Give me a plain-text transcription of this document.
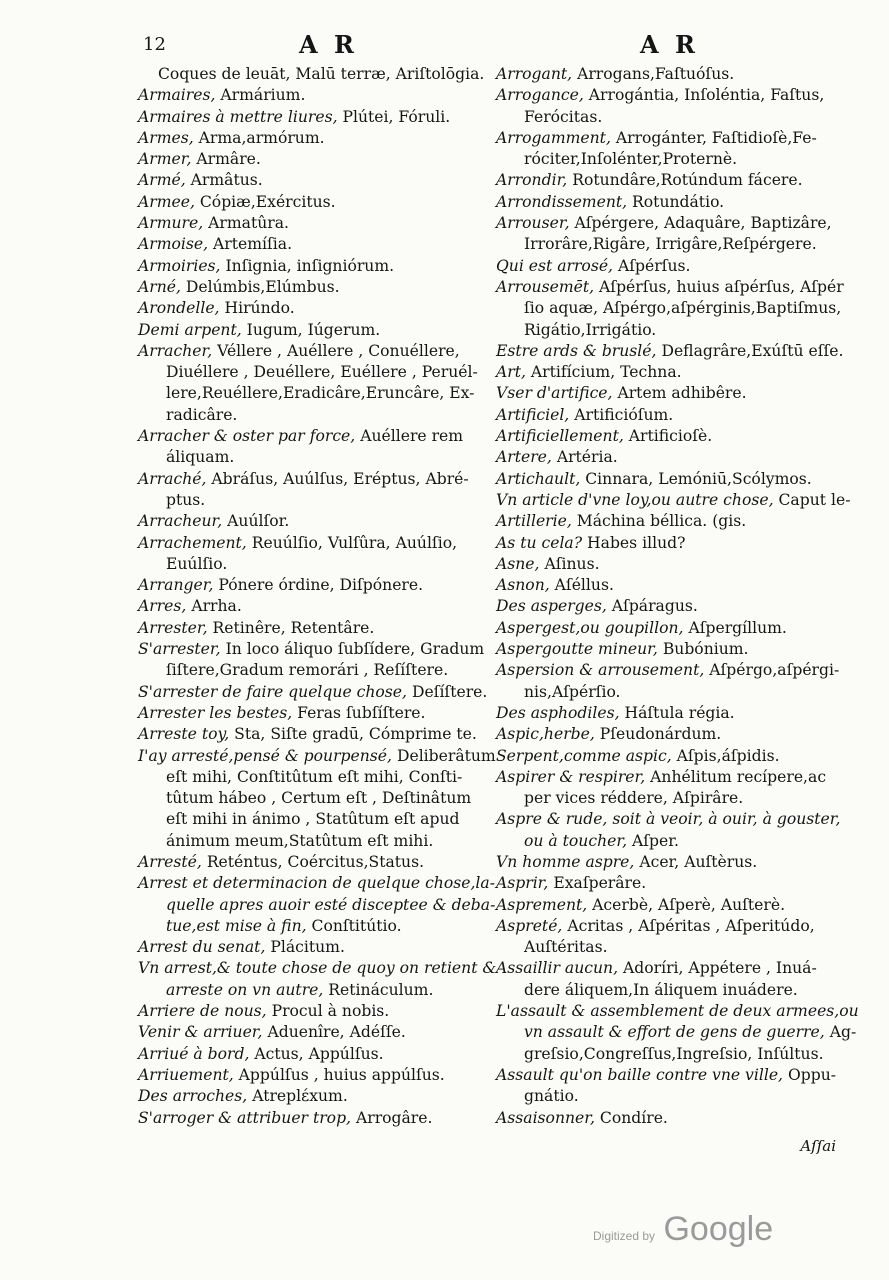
12	A R	A R
Coques de leuāt, Malū terræ, Ariſtolōgia.
Armaires, Armárium.
Armaires à mettre liures, Plútei, Fóruli.
Armes, Arma,armórum.
Armer, Armâre.
Armé, Armâtus.
Armee, Cópiæ,Exércitus.
Armure, Armatûra.
Armoise, Artemíſia.
Armoiries, Inſignia, inſigniórum.
Arné, Delúmbis,Elúmbus.
Arondelle, Hirúndo.
Demi arpent, Iugum, Iúgerum.
Arracher, Véllere , Auéllere , Conuéllere,
Diuéllere , Deuéllere, Euéllere , Peruél-
lere,Reuéllere,Eradicâre,Eruncâre, Ex-
radicâre.
Arracher & oster par force, Auéllere rem
áliquam.
Arraché, Abráſus, Auúlſus, Eréptus, Abré-
ptus.
Arracheur, Auúlſor.
Arrachement, Reuúlſio, Vulſûra, Auúlſio,
Euúlſio.
Arranger, Pónere órdine, Diſpónere.
Arres, Arrha.
Arrester, Retinêre, Retentâre.
S'arrester, In loco áliquo ſubſídere, Gradum
ſiſtere,Gradum remorári , Reſíſtere.
S'arrester de faire quelque chose, Deſíſtere.
Arrester les bestes, Feras ſubſíſtere.
Arreste toy, Sta, Siſte gradū, Cómprime te.
I'ay arresté,pensé & pourpensé, Deliberâtum
eſt mihi, Conſtitûtum eſt mihi, Conſti-
tûtum hábeo , Certum eſt , Deſtinâtum
eſt mihi in ánimo , Statûtum eſt apud
ánimum meum,Statûtum eſt mihi.
Arresté, Reténtus, Coércitus,Status.
Arrest et determinacion de quelque chose,la-
quelle apres auoir esté disceptee & deba-
tue,est mise à fin, Conſtitútio.
Arrest du senat, Plácitum.
Vn arrest,& toute chose de quoy on retient &
arreste on vn autre, Retináculum.
Arriere de nous, Procul à nobis.
Venir & arriuer, Aduenîre, Adéſſe.
Arriué à bord, Actus, Appúlſus.
Arriuement, Appúlſus , huius appúlſus.
Des arroches, Atreplέxum.
S'arroger & attribuer trop, Arrogâre.
Arrogant, Arrogans,Faſtuóſus.
Arrogance, Arrogántia, Inſoléntia, Faſtus,
Ferócitas.
Arrogamment, Arrogánter, Faſtidioſè,Fe-
róciter,Inſolénter,Proternè.
Arrondir, Rotundâre,Rotúndum fácere.
Arrondissement, Rotundátio.
Arrouser, Aſpérgere, Adaquâre, Baptizâre,
Irrorâre,Rigâre, Irrigâre,Reſpérgere.
Qui est arrosé, Aſpérſus.
Arrousemēt, Aſpérſus, huius aſpérſus, Aſpér
ſio aquæ, Aſpérgo,aſpérginis,Baptiſmus,
Rigátio,Irrigátio.
Estre ards & bruslé, Deflagrâre,Exúſtū eſſe.
Art, Artifícium, Techna.
Vser d'artifice, Artem adhibêre.
Artificiel, Artificióſum.
Artificiellement, Artificioſè.
Artere, Artéria.
Artichault, Cinnara, Lemóniū,Scólymos.
Vn article d'vne loy,ou autre chose, Caput le-
Artillerie, Máchina béllica. (gis.
As tu cela? Habes illud?
Asne, Aſinus.
Asnon, Aſéllus.
Des asperges, Aſpáragus.
Aspergest,ou goupillon, Aſpergíllum.
Aspergoutte mineur, Bubónium.
Aspersion & arrousement, Aſpérgo,aſpérgi-
nis,Aſpérſio.
Des asphodiles, Háſtula régia.
Aspic,herbe, Pſeudonárdum.
Serpent,comme aspic, Aſpis,áſpidis.
Aspirer & respirer, Anhélitum recípere,ac
per vices réddere, Aſpirâre.
Aspre & rude, soit à veoir, à ouir, à gouster,
ou à toucher, Aſper.
Vn homme aspre, Acer, Auſtèrus.
Asprir, Exaſperâre.
Asprement, Acerbè, Aſperè, Auſterè.
Aspreté, Acritas , Aſpéritas , Aſperitúdo,
Auſtéritas.
Assaillir aucun, Adoríri, Appétere , Inuá-
dere áliquem,In áliquem inuádere.
L'assault & assemblement de deux armees,ou
vn assault & effort de gens de guerre, Ag-
greſsio,Congreſſus,Ingreſsio, Inſúltus.
Assault qu'on baille contre vne ville, Oppu-
gnátio.
Assaisonner, Condíre.
Aſſai
Digitized by Google
